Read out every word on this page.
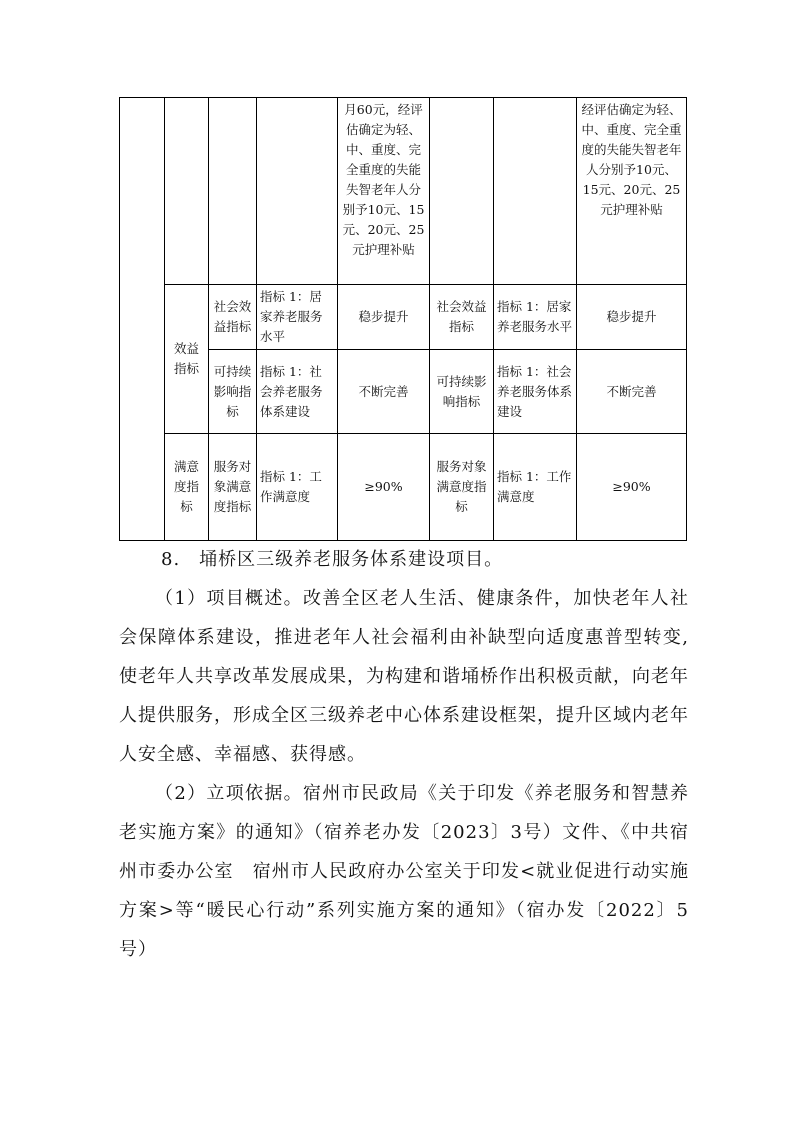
				月60元，经评估确定为轻、中、重度、完全重度的失能失智老年人分别予10元、15元、20元、25元护理补贴			经评估确定为轻、中、重度、完全重度的失能失智老年人分别予10元、15元、20元、25元护理补贴
	效益指标	社会效益指标	指标 1：居家养老服务水平	稳步提升	社会效益指标	指标 1：居家养老服务水平	稳步提升
		可持续影响指标	指标 1：社会养老服务体系建设	不断完善	可持续影响指标	指标 1：社会养老服务体系建设	不断完善
	满意度指标	服务对象满意度指标	指标 1：工作满意度	≥90%	服务对象满意度指标	指标 1：工作满意度	≥90%

8.　埇桥区三级养老服务体系建设项目。

（1）项目概述。改善全区老人生活、健康条件，加快老年人社会保障体系建设，推进老年人社会福利由补缺型向适度惠普型转变,使老年人共享改革发展成果，为构建和谐埇桥作出积极贡献，向老年人提供服务，形成全区三级养老中心体系建设框架，提升区域内老年人安全感、幸福感、获得感。

（2）立项依据。宿州市民政局《关于印发《养老服务和智慧养老实施方案》的通知》（宿养老办发〔2023〕3号）文件、《中共宿州市委办公室　宿州市人民政府办公室关于印发<就业促进行动实施方案>等“暖民心行动”系列实施方案的通知》（宿办发〔2022〕5号）
